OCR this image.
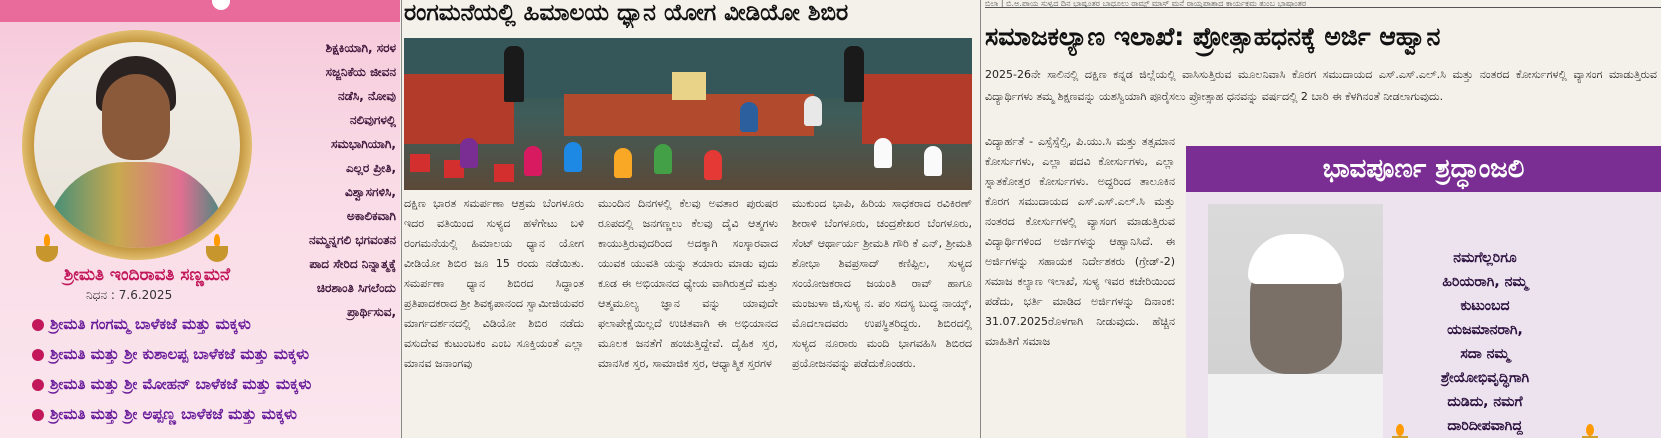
ಶಿಕ್ಷಕಿಯಾಗಿ, ಸರಳ
ಸಜ್ಜನಿಕೆಯ ಜೀವನ
ನಡೆಸಿ, ನೋವು
ನಲಿವುಗಳಲ್ಲಿ
ಸಮಭಾಗಿಯಾಗಿ,
ಎಲ್ಲರ ಪ್ರೀತಿ,
ವಿಶ್ವಾಸಗಳಿಸಿ,
ಅಕಾಲಿಕವಾಗಿ
ನಮ್ಮನ್ನಗಲಿ ಭಗವಂತನ
ಪಾದ ಸೇರಿದ ನಿನ್ನಾತ್ಮಕ್ಕೆ
ಚಿರಶಾಂತಿ ಸಿಗಲೆಂದು
ಪ್ರಾರ್ಥಿಸುವ,
ಶ್ರೀಮತಿ ಇಂದಿರಾವತಿ ಸಣ್ಣಮನೆ
ನಿಧನ : 7.6.2025
ಶ್ರೀಮತಿ ಗಂಗಮ್ಮ ಬಾಳೆಕಜೆ ಮತ್ತು ಮಕ್ಕಳು
ಶ್ರೀಮತಿ ಮತ್ತು ಶ್ರೀ ಕುಶಾಲಪ್ಪ ಬಾಳೆಕಜೆ ಮತ್ತು ಮಕ್ಕಳು
ಶ್ರೀಮತಿ ಮತ್ತು ಶ್ರೀ ಮೋಹನ್ ಬಾಳೆಕಜೆ ಮತ್ತು ಮಕ್ಕಳು
ಶ್ರೀಮತಿ ಮತ್ತು ಶ್ರೀ ಅಪ್ಪಣ್ಣ ಬಾಳೆಕಜೆ ಮತ್ತು ಮಕ್ಕಳು
ರಂಗಮನೆಯಲ್ಲಿ ಹಿಮಾಲಯ ಧ್ಯಾನ ಯೋಗ ವೀಡಿಯೋ ಶಿಬಿರ
ದಕ್ಷಿಣ ಭಾರತ ಸಮರ್ಪಣಾ ಆಶ್ರಮ ಬೆಂಗಳೂರು ಇದರ ವತಿಯಿಂದ ಸುಳ್ಯದ ಹಳೆಗೇಟು ಬಳಿ ರಂಗಮನೆಯಲ್ಲಿ ಹಿಮಾಲಯ ಧ್ಯಾನ ಯೋಗ ವೀಡಿಯೋ ಶಿಬಿರ ಜೂ 15 ರಂದು ನಡೆಯಿತು. ಸಮರ್ಪಣಾ ಧ್ಯಾನ ಶಿಬಿರದ ಸಿದ್ಧಾಂತ ಪ್ರತಿಪಾದಕರಾದ ಶ್ರೀ ಶಿವಕೃಪಾನಂದ ಸ್ವಾಮೀಜಿಯವರ ಮಾರ್ಗದರ್ಶನದಲ್ಲಿ ವಿಡಿಯೋ ಶಿಬಿರ ನಡೆದು ವಸುದೇವ ಕುಟುಂಬಕಂ ಎಂಬ ಸೂಕ್ತಿಯಂತೆ ಎಲ್ಲಾ ಮಾನವ ಜನಾಂಗವು
ಮುಂದಿನ ದಿನಗಳಲ್ಲಿ ಕೆಲವು ಅವತಾರ ಪುರುಷರ ರೂಪದಲ್ಲಿ ಜನಗಣ್ಣಲು ಕೆಲವು ದೈವಿ ಆತ್ಮಗಳು ಕಾಯುತ್ತಿರುವುದರಿಂದ ಅದಕ್ಕಾಗಿ ಸಂಸ್ಕಾರವಾದ ಯುವಕ ಯುವತಿ ಯನ್ನು ತಯಾರು ಮಾಡು ವುದು ಕೂಡ ಈ ಅಭಿಯಾನದ ಧ್ಯೇಯ ವಾಗಿರುತ್ತದೆ ಮತ್ತು ಆತ್ಮಮೂಲ್ಯ ಜ್ಞಾನ ವನ್ನು ಯಾವುದೇ ಫಲಾಪೇಕ್ಷೆಯಿಲ್ಲದೆ ಉಚಿತವಾಗಿ ಈ ಅಭಿಯಾನದ ಮೂಲಕ ಜನತೆಗೆ ಹಂಚುತ್ತಿದ್ದೇವೆ. ದೈಹಿಕ ಸ್ತರ, ಮಾನಸಿಕ ಸ್ತರ, ಸಾಮಾಜಿಕ ಸ್ತರ, ಆಧ್ಯಾತ್ಮಿಕ ಸ್ತರಗಳ
ಮುಕುಂದ ಭಾಪಿ, ಹಿರಿಯ ಸಾಧಕರಾದ ರವಿಕಿರಣ್ ಶೀರಾಳಿ ಬೆಂಗಳೂರು, ಚಂದ್ರಶೇಖರ ಬೆಂಗಳೂರು, ಸೆಂಟ್ ಆರ್ಥಾರ್ಯ ಶ್ರೀಮತಿ ಗೌರಿ ಕೆ ಎನ್, ಶ್ರೀಮತಿ ಶೋಭಾ ಶಿವಪ್ರಸಾದ್ ಕಣಿಪ್ಪಿಲ, ಸುಳ್ಯದ ಸಂಯೋಜಕರಾದ ಜಯಂತಿ ರಾವ್ ಹಾಗೂ ಮಂಜುಳಾ ಜಿ,ಸುಳ್ಯ ನ. ಪಂ ಸದಸ್ಯ ಬುದ್ಧ ನಾಯ್ಕ್, ಮೊದಲಾದವರು ಉಪಸ್ಥಿತರಿದ್ದರು. ಶಿಬಿರದಲ್ಲಿ ಸುಳ್ಯದ ನೂರಾರು ಮಂದಿ ಭಾಗವಹಿಸಿ ಶಿಬಿರದ ಪ್ರಯೋಜನವನ್ನು ಪಡೆದುಕೊಂಡರು.
ಬಿಲಾ | ಬಿ.ಅ.ಪಾಯ ಸುಳ್ಯದ ದಿನ ಭಾಷ್ಯಂತರ ಬಾಧೂಲು ರಾಮ್ಸ್ ಮಾಸ್ ಮನೆ ರಾಯ್ದಪಾತ್ರಾದ ಕಾರ್ಯಕ್ರಮ ತುಂಬ ಭಾಷಾಂತರ
ಸಮಾಜಕಲ್ಯಾಣ ಇಲಾಖೆ: ಪ್ರೋತ್ಸಾಹಧನಕ್ಕೆ ಅರ್ಜಿ ಆಹ್ವಾನ
2025-26ನೇ ಸಾಲಿನಲ್ಲಿ ದಕ್ಷಿಣ ಕನ್ನಡ ಜಿಲ್ಲೆಯಲ್ಲಿ ವಾಸಿಸುತ್ತಿರುವ ಮೂಲನಿವಾಸಿ ಕೊರಗ ಸಮುದಾಯದ ಎಸ್.ಎಸ್.ಎಲ್.ಸಿ ಮತ್ತು ನಂತರದ ಕೋರ್ಸುಗಳಲ್ಲಿ ವ್ಯಾಸಂಗ ಮಾಡುತ್ತಿರುವ ವಿದ್ಯಾರ್ಥಿಗಳು ತಮ್ಮ ಶಿಕ್ಷಣವನ್ನು ಯಶಸ್ವಿಯಾಗಿ ಪೂರೈಸಲು ಪ್ರೋತ್ಸಾಹ ಧನವನ್ನು ವರ್ಷದಲ್ಲಿ 2 ಬಾರಿ ಈ ಕೆಳಗಿನಂತೆ ನೀಡಲಾಗುವುದು.
ವಿದ್ಯಾರ್ಹತೆ - ಎಸ್ಸೆಸ್ಸೆಲ್ಸಿ, ಪಿ.ಯು.ಸಿ ಮತ್ತು ತತ್ಸಮಾನ ಕೋರ್ಸುಗಳು, ಎಲ್ಲಾ ಪದವಿ ಕೋರ್ಸುಗಳು, ಎಲ್ಲಾ ಸ್ನಾತಕೋತ್ತರ ಕೋರ್ಸುಗಳು. ಅದ್ದರಿಂದ ತಾಲೂಕಿನ ಕೊರಗ ಸಮುದಾಯದ ಎಸ್.ಎಸ್.ಎಲ್.ಸಿ ಮತ್ತು ನಂತರದ ಕೋರ್ಸುಗಳಲ್ಲಿ ವ್ಯಾಸಂಗ ಮಾಡುತ್ತಿರುವ ವಿದ್ಯಾರ್ಥಿಗಳಿಂದ ಅರ್ಜಿಗಳನ್ನು ಆಹ್ವಾನಿಸಿದೆ. ಈ ಅರ್ಜಿಗಳನ್ನು ಸಹಾಯಕ ನಿರ್ದೇಶಕರು (ಗ್ರೇಡ್-2) ಸಮಾಜ ಕಲ್ಯಾಣ ಇಲಾಖೆ, ಸುಳ್ಯ ಇವರ ಕಚೇರಿಯಿಂದ ಪಡೆದು, ಭರ್ತಿ ಮಾಡಿದ ಅರ್ಜಿಗಳನ್ನು ದಿನಾಂಕ: 31.07.2025ರೊಳಗಾಗಿ ನೀಡುವುದು. ಹೆಚ್ಚಿನ ಮಾಹಿತಿಗೆ ಸಮಾಜ
ಭಾವಪೂರ್ಣ ಶ್ರದ್ಧಾಂಜಲಿ
ನಮಗೆಲ್ಲರಿಗೂ
ಹಿರಿಯರಾಗಿ, ನಮ್ಮ
ಕುಟುಂಬದ
ಯಜಮಾನರಾಗಿ,
ಸದಾ ನಮ್ಮ
ಶ್ರೇಯೋಭಿವೃದ್ಧಿಗಾಗಿ
ದುಡಿದು, ನಮಗೆ
ದಾರಿದೀಪವಾಗಿದ್ದ
